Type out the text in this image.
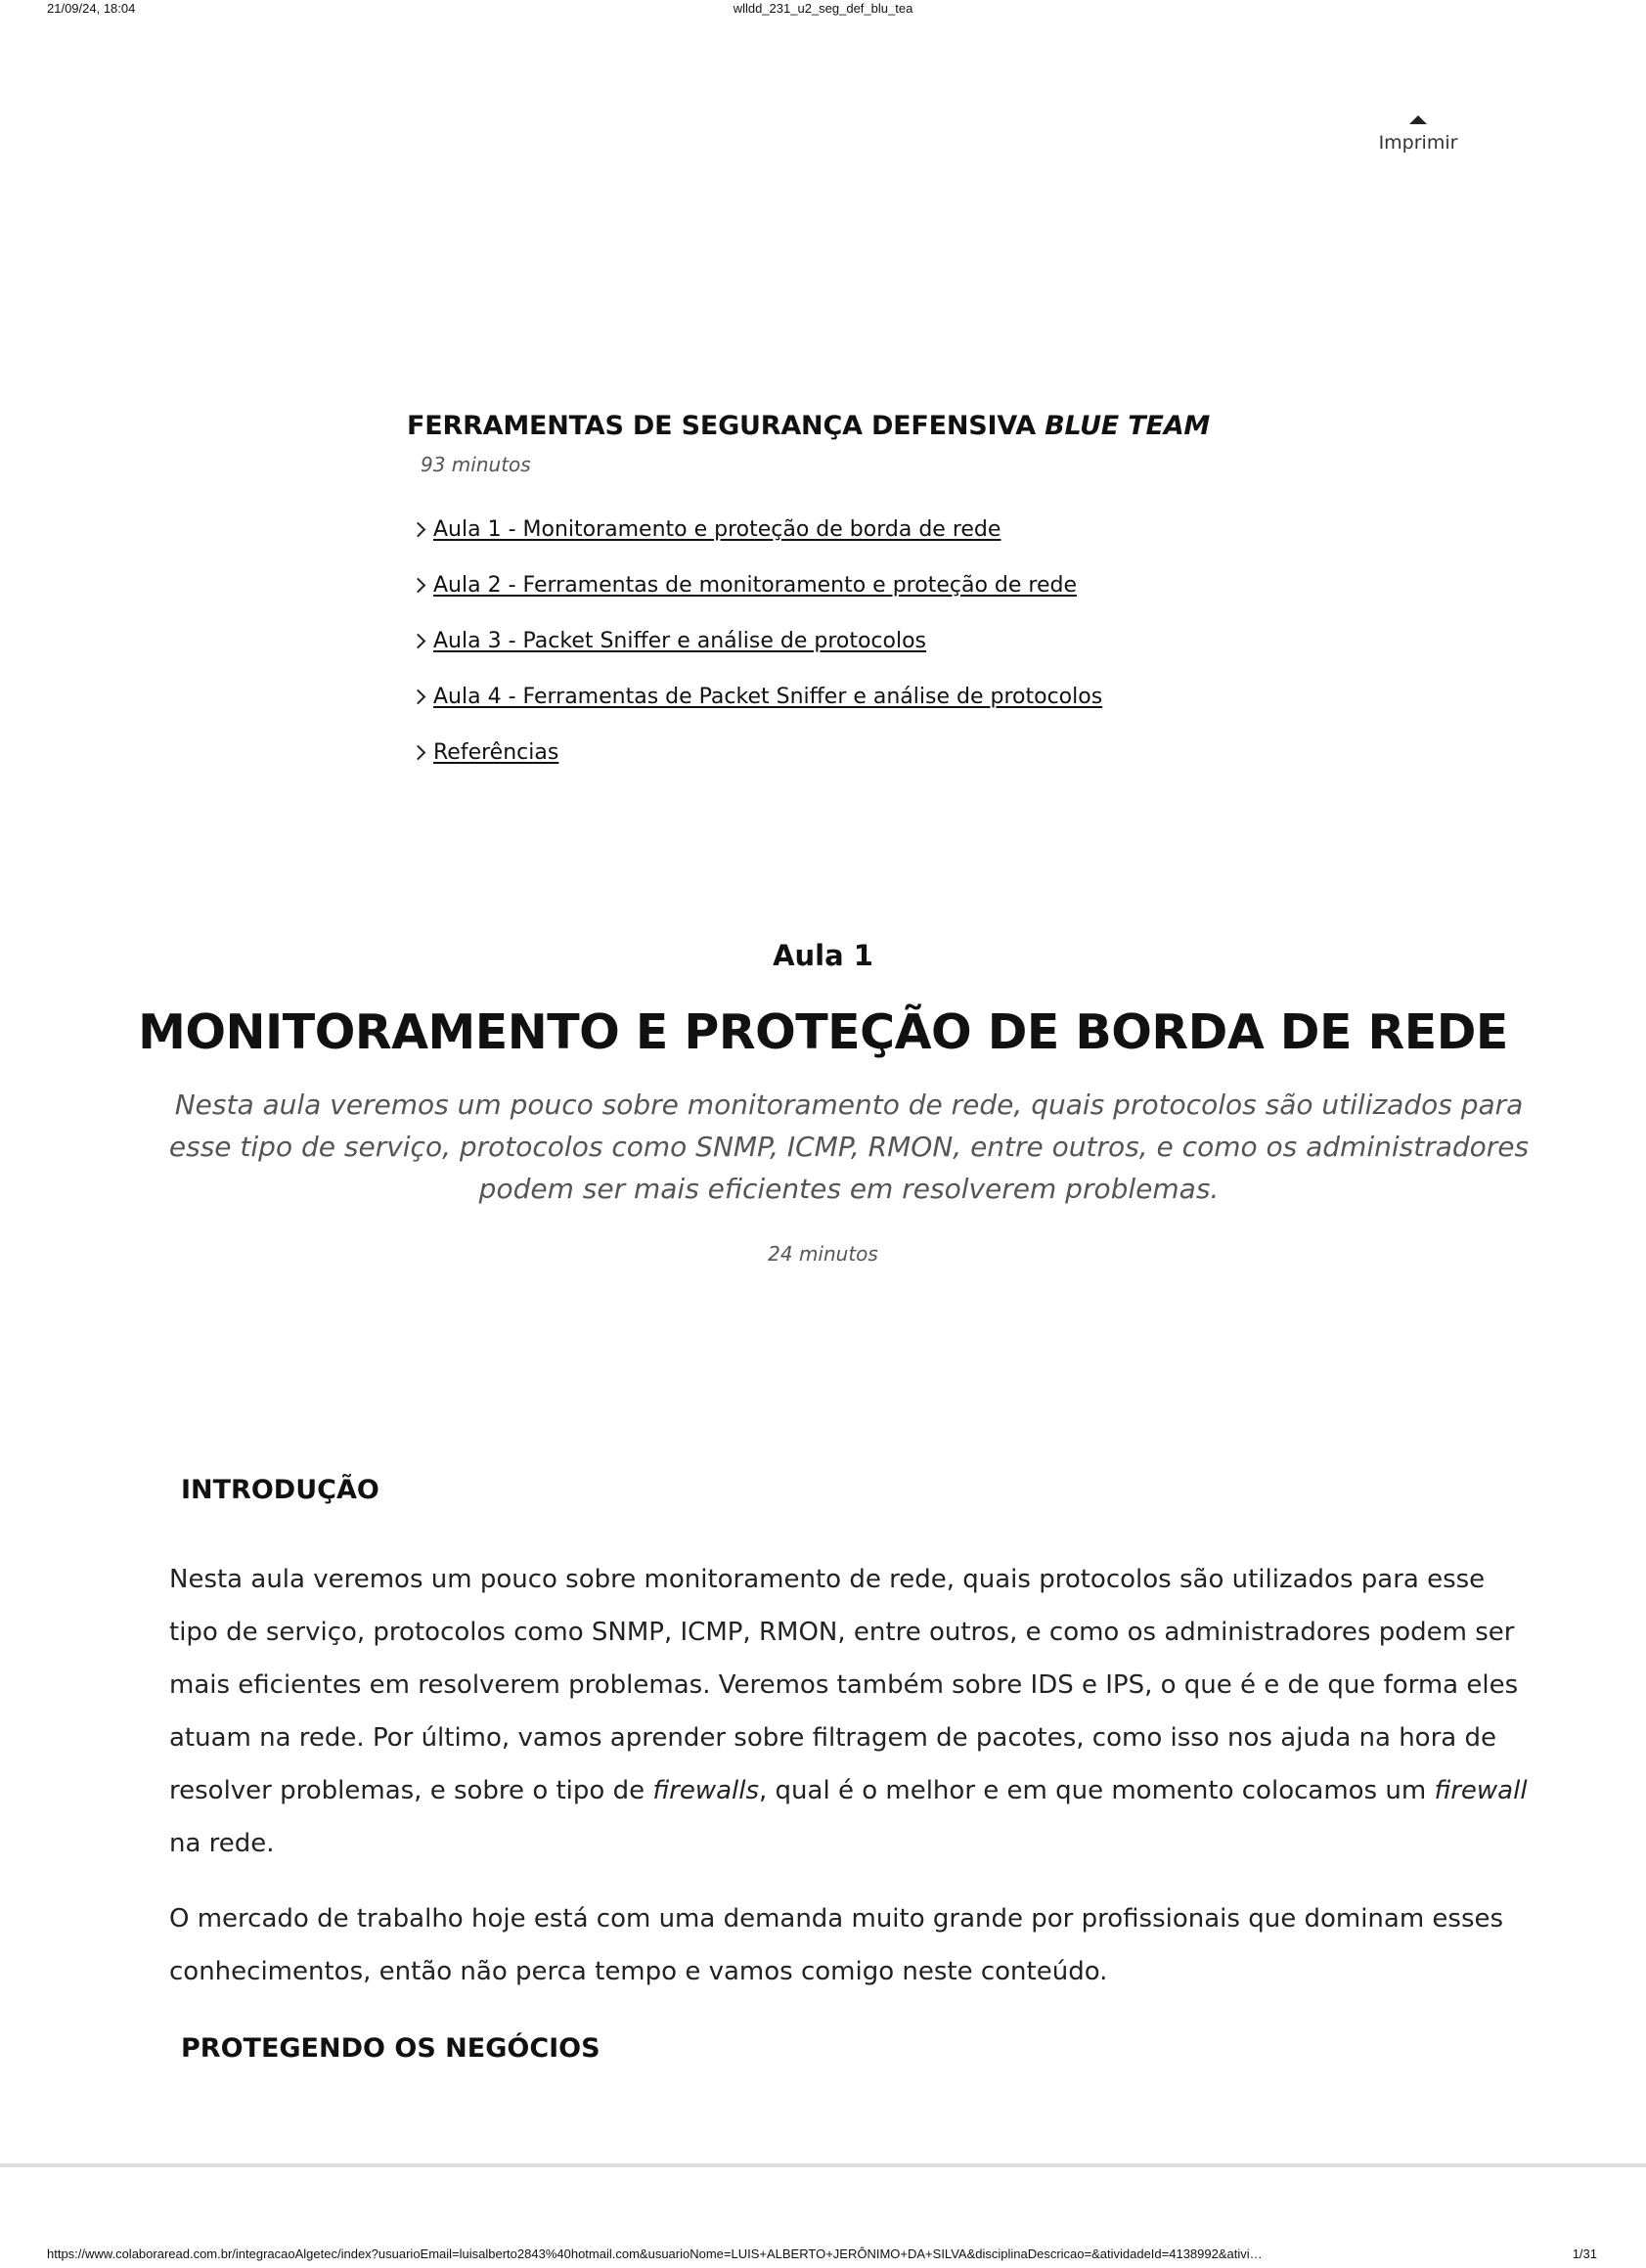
21/09/24, 18:04	wlldd_231_u2_seg_def_blu_tea
Imprimir
FERRAMENTAS DE SEGURANÇA DEFENSIVA BLUE TEAM
93 minutos
Aula 1 - Monitoramento e proteção de borda de rede
Aula 2 - Ferramentas de monitoramento e proteção de rede
Aula 3 - Packet Sniffer e análise de protocolos
Aula 4 - Ferramentas de Packet Sniffer e análise de protocolos
Referências
Aula 1
MONITORAMENTO E PROTEÇÃO DE BORDA DE REDE
Nesta aula veremos um pouco sobre monitoramento de rede, quais protocolos são utilizados para esse tipo de serviço, protocolos como SNMP, ICMP, RMON, entre outros, e como os administradores podem ser mais eficientes em resolverem problemas.
24 minutos
INTRODUÇÃO

Nesta aula veremos um pouco sobre monitoramento de rede, quais protocolos são utilizados para esse tipo de serviço, protocolos como SNMP, ICMP, RMON, entre outros, e como os administradores podem ser mais eficientes em resolverem problemas. Veremos também sobre IDS e IPS, o que é e de que forma eles atuam na rede. Por último, vamos aprender sobre filtragem de pacotes, como isso nos ajuda na hora de resolver problemas, e sobre o tipo de firewalls, qual é o melhor e em que momento colocamos um firewall na rede.

O mercado de trabalho hoje está com uma demanda muito grande por profissionais que dominam esses conhecimentos, então não perca tempo e vamos comigo neste conteúdo.

PROTEGENDO OS NEGÓCIOS
https://www.colaboraread.com.br/integracaoAlgetec/index?usuarioEmail=luisalberto2843%40hotmail.com&usuarioNome=LUIS+ALBERTO+JERÔNIMO+DA+SILVA&disciplinaDescricao=&atividadeId=4138992&ativi…	1/31
